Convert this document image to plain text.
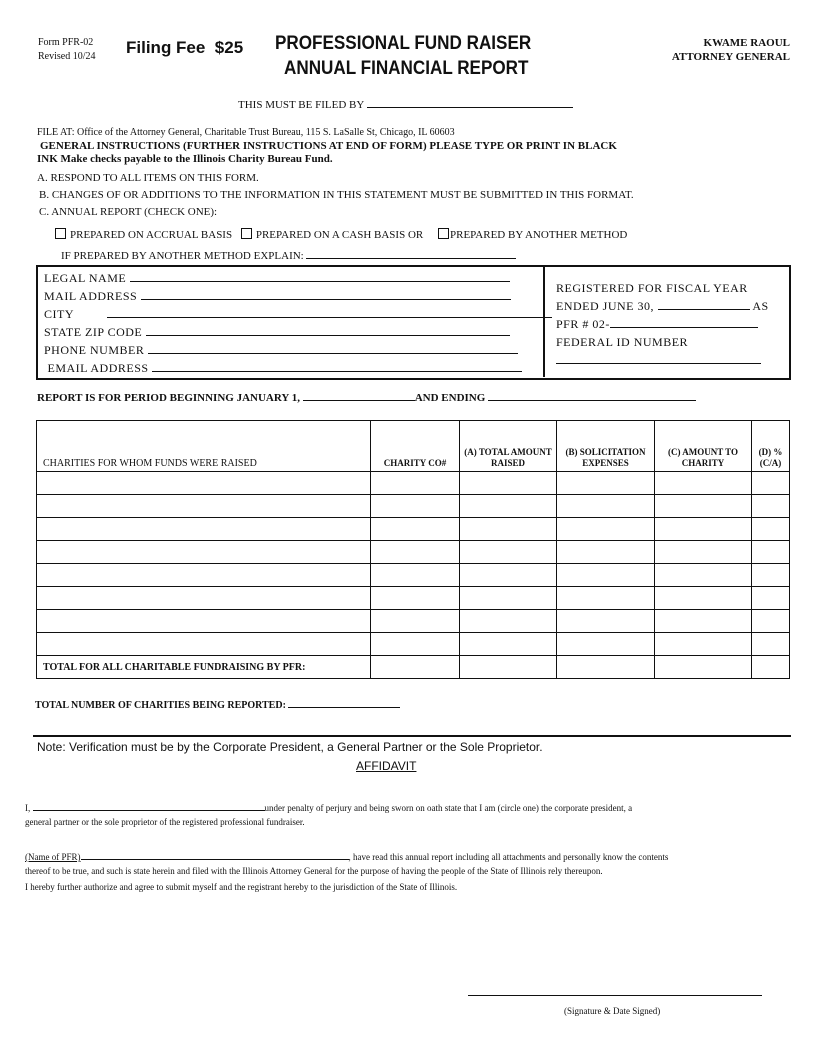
Form PFR-02
Revised 10/24 Filing Fee  $25 PROFESSIONAL FUND RAISER
ANNUAL FINANCIAL REPORT
KWAME RAOUL
ATTORNEY GENERAL
THIS MUST BE FILED BY
FILE AT: Office of the Attorney General, Charitable Trust Bureau, 115 S. LaSalle St, Chicago, IL 60603
GENERAL INSTRUCTIONS (FURTHER INSTRUCTIONS AT END OF FORM) PLEASE TYPE OR PRINT IN BLACK
INK Make checks payable to the Illinois Charity Bureau Fund.
A. RESPOND TO ALL ITEMS ON THIS FORM.
B. CHANGES OF OR ADDITIONS TO THE INFORMATION IN THIS STATEMENT MUST BE SUBMITTED IN THIS FORMAT.
C. ANNUAL REPORT (CHECK ONE):
PREPARED ON ACCRUAL BASIS PREPARED ON A CASH BASIS OR PREPARED BY ANOTHER METHOD
IF PREPARED BY ANOTHER METHOD EXPLAIN:
LEGAL NAME
MAIL ADDRESS
CITY
STATE ZIP CODE
PHONE NUMBER
EMAIL ADDRESS
REGISTERED FOR FISCAL YEAR
ENDED JUNE 30,	AS
PFR # 02-
FEDERAL ID NUMBER
REPORT IS FOR PERIOD BEGINNING JANUARY 1,	AND ENDING
CHARITIES FOR WHOM FUNDS WERE RAISED	CHARITY CO#	(A) TOTAL AMOUNT RAISED	(B) SOLICITATION EXPENSES	(C) AMOUNT TO CHARITY	(D) % (C/A)

TOTAL FOR ALL CHARITABLE FUNDRAISING BY PFR:					
TOTAL NUMBER OF CHARITIES BEING REPORTED:
Note: Verification must be by the Corporate President, a General Partner or the Sole Proprietor.
AFFIDAVIT
I,	under penalty of perjury and being sworn on oath state that I am (circle one) the corporate president, a
general partner or the sole proprietor of the registered professional fundraiser.
(Name of PFR)	, have read this annual report including all attachments and personally know the contents
thereof to be true, and such is state herein and filed with the Illinois Attorney General for the purpose of having the people of the State of Illinois rely thereupon.
I hereby further authorize and agree to submit myself and the registrant hereby to the jurisdiction of the State of Illinois.
(Signature & Date Signed)
